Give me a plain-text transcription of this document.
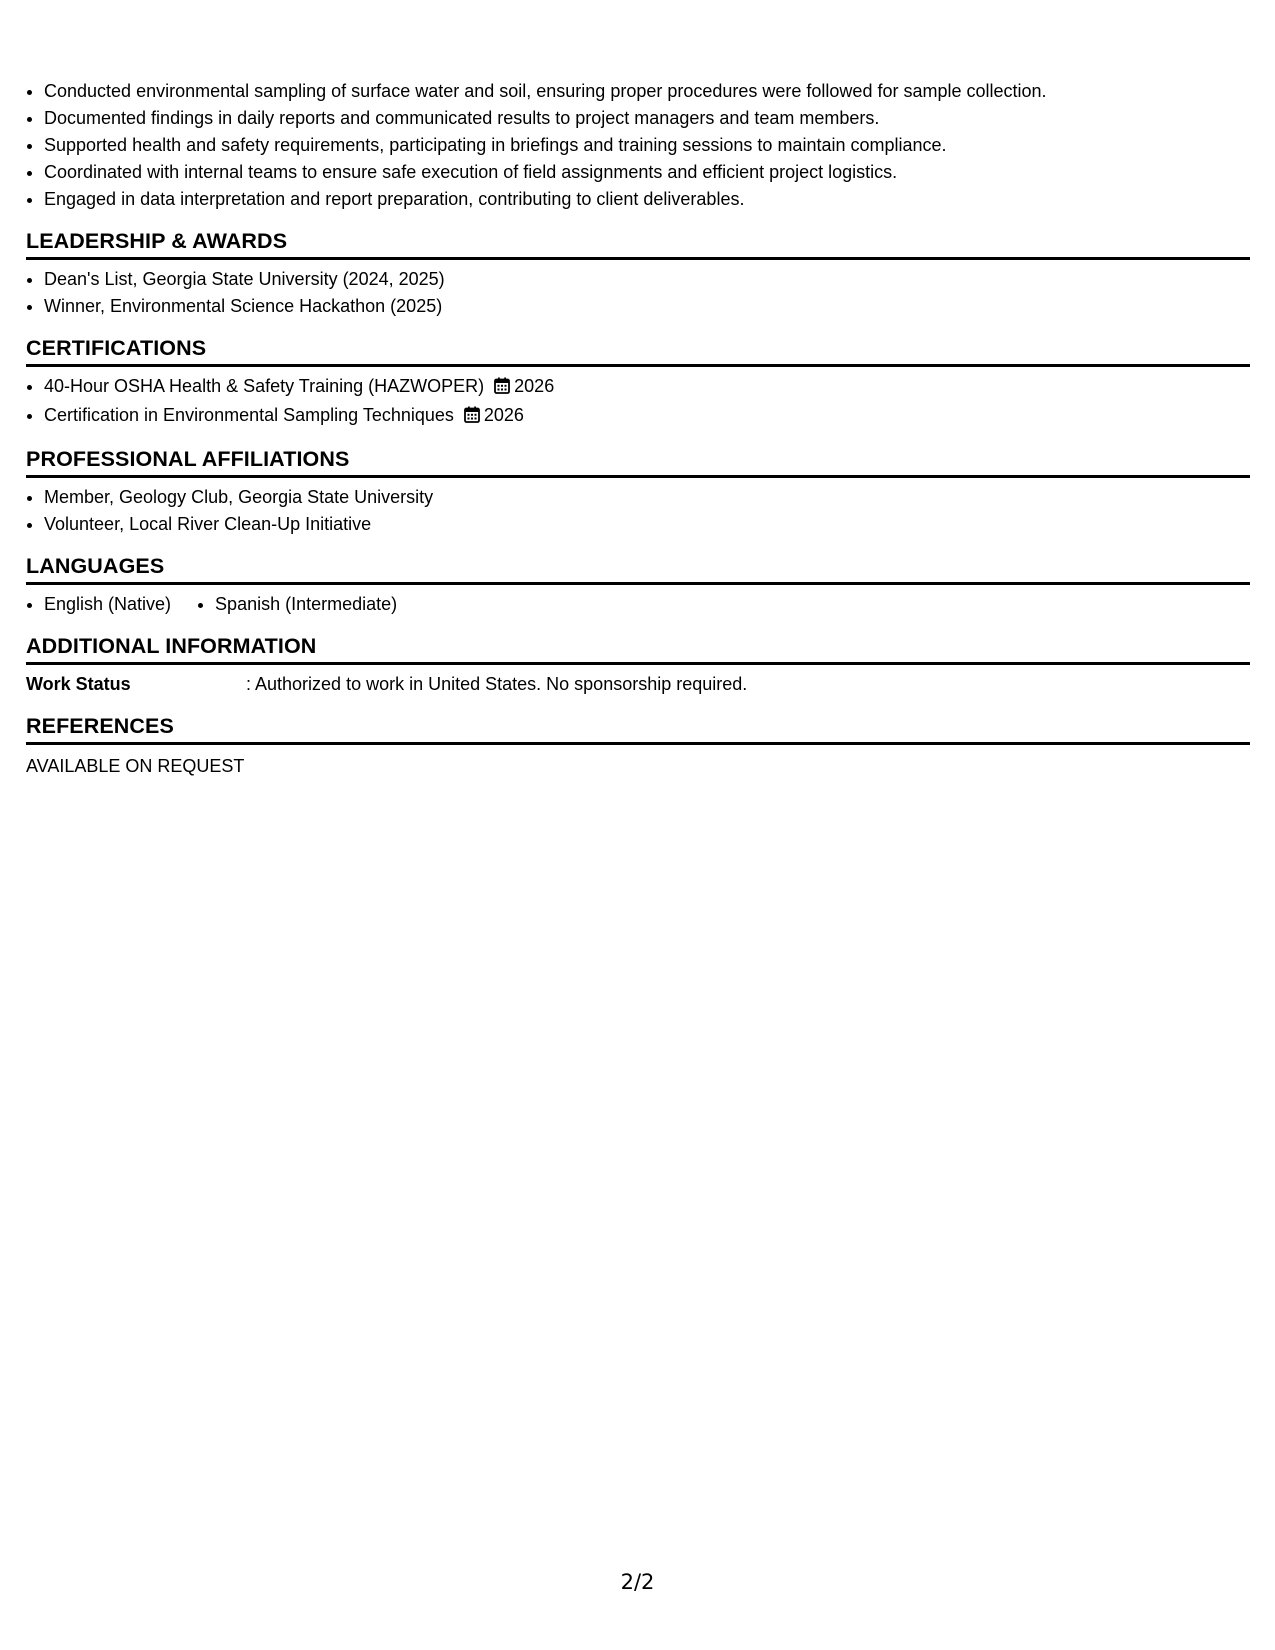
• Conducted environmental sampling of surface water and soil, ensuring proper procedures were followed for sample collection.
• Documented findings in daily reports and communicated results to project managers and team members.
• Supported health and safety requirements, participating in briefings and training sessions to maintain compliance.
• Coordinated with internal teams to ensure safe execution of field assignments and efficient project logistics.
• Engaged in data interpretation and report preparation, contributing to client deliverables.
LEADERSHIP & AWARDS
• Dean's List, Georgia State University (2024, 2025)
• Winner, Environmental Science Hackathon (2025)
CERTIFICATIONS
• 40-Hour OSHA Health & Safety Training (HAZWOPER) 2026
• Certification in Environmental Sampling Techniques 2026
PROFESSIONAL AFFILIATIONS
• Member, Geology Club, Georgia State University
• Volunteer, Local River Clean-Up Initiative
LANGUAGES
• English (Native)
• Spanish (Intermediate)
ADDITIONAL INFORMATION
Work Status	: Authorized to work in United States. No sponsorship required.
REFERENCES
AVAILABLE ON REQUEST
2/2
